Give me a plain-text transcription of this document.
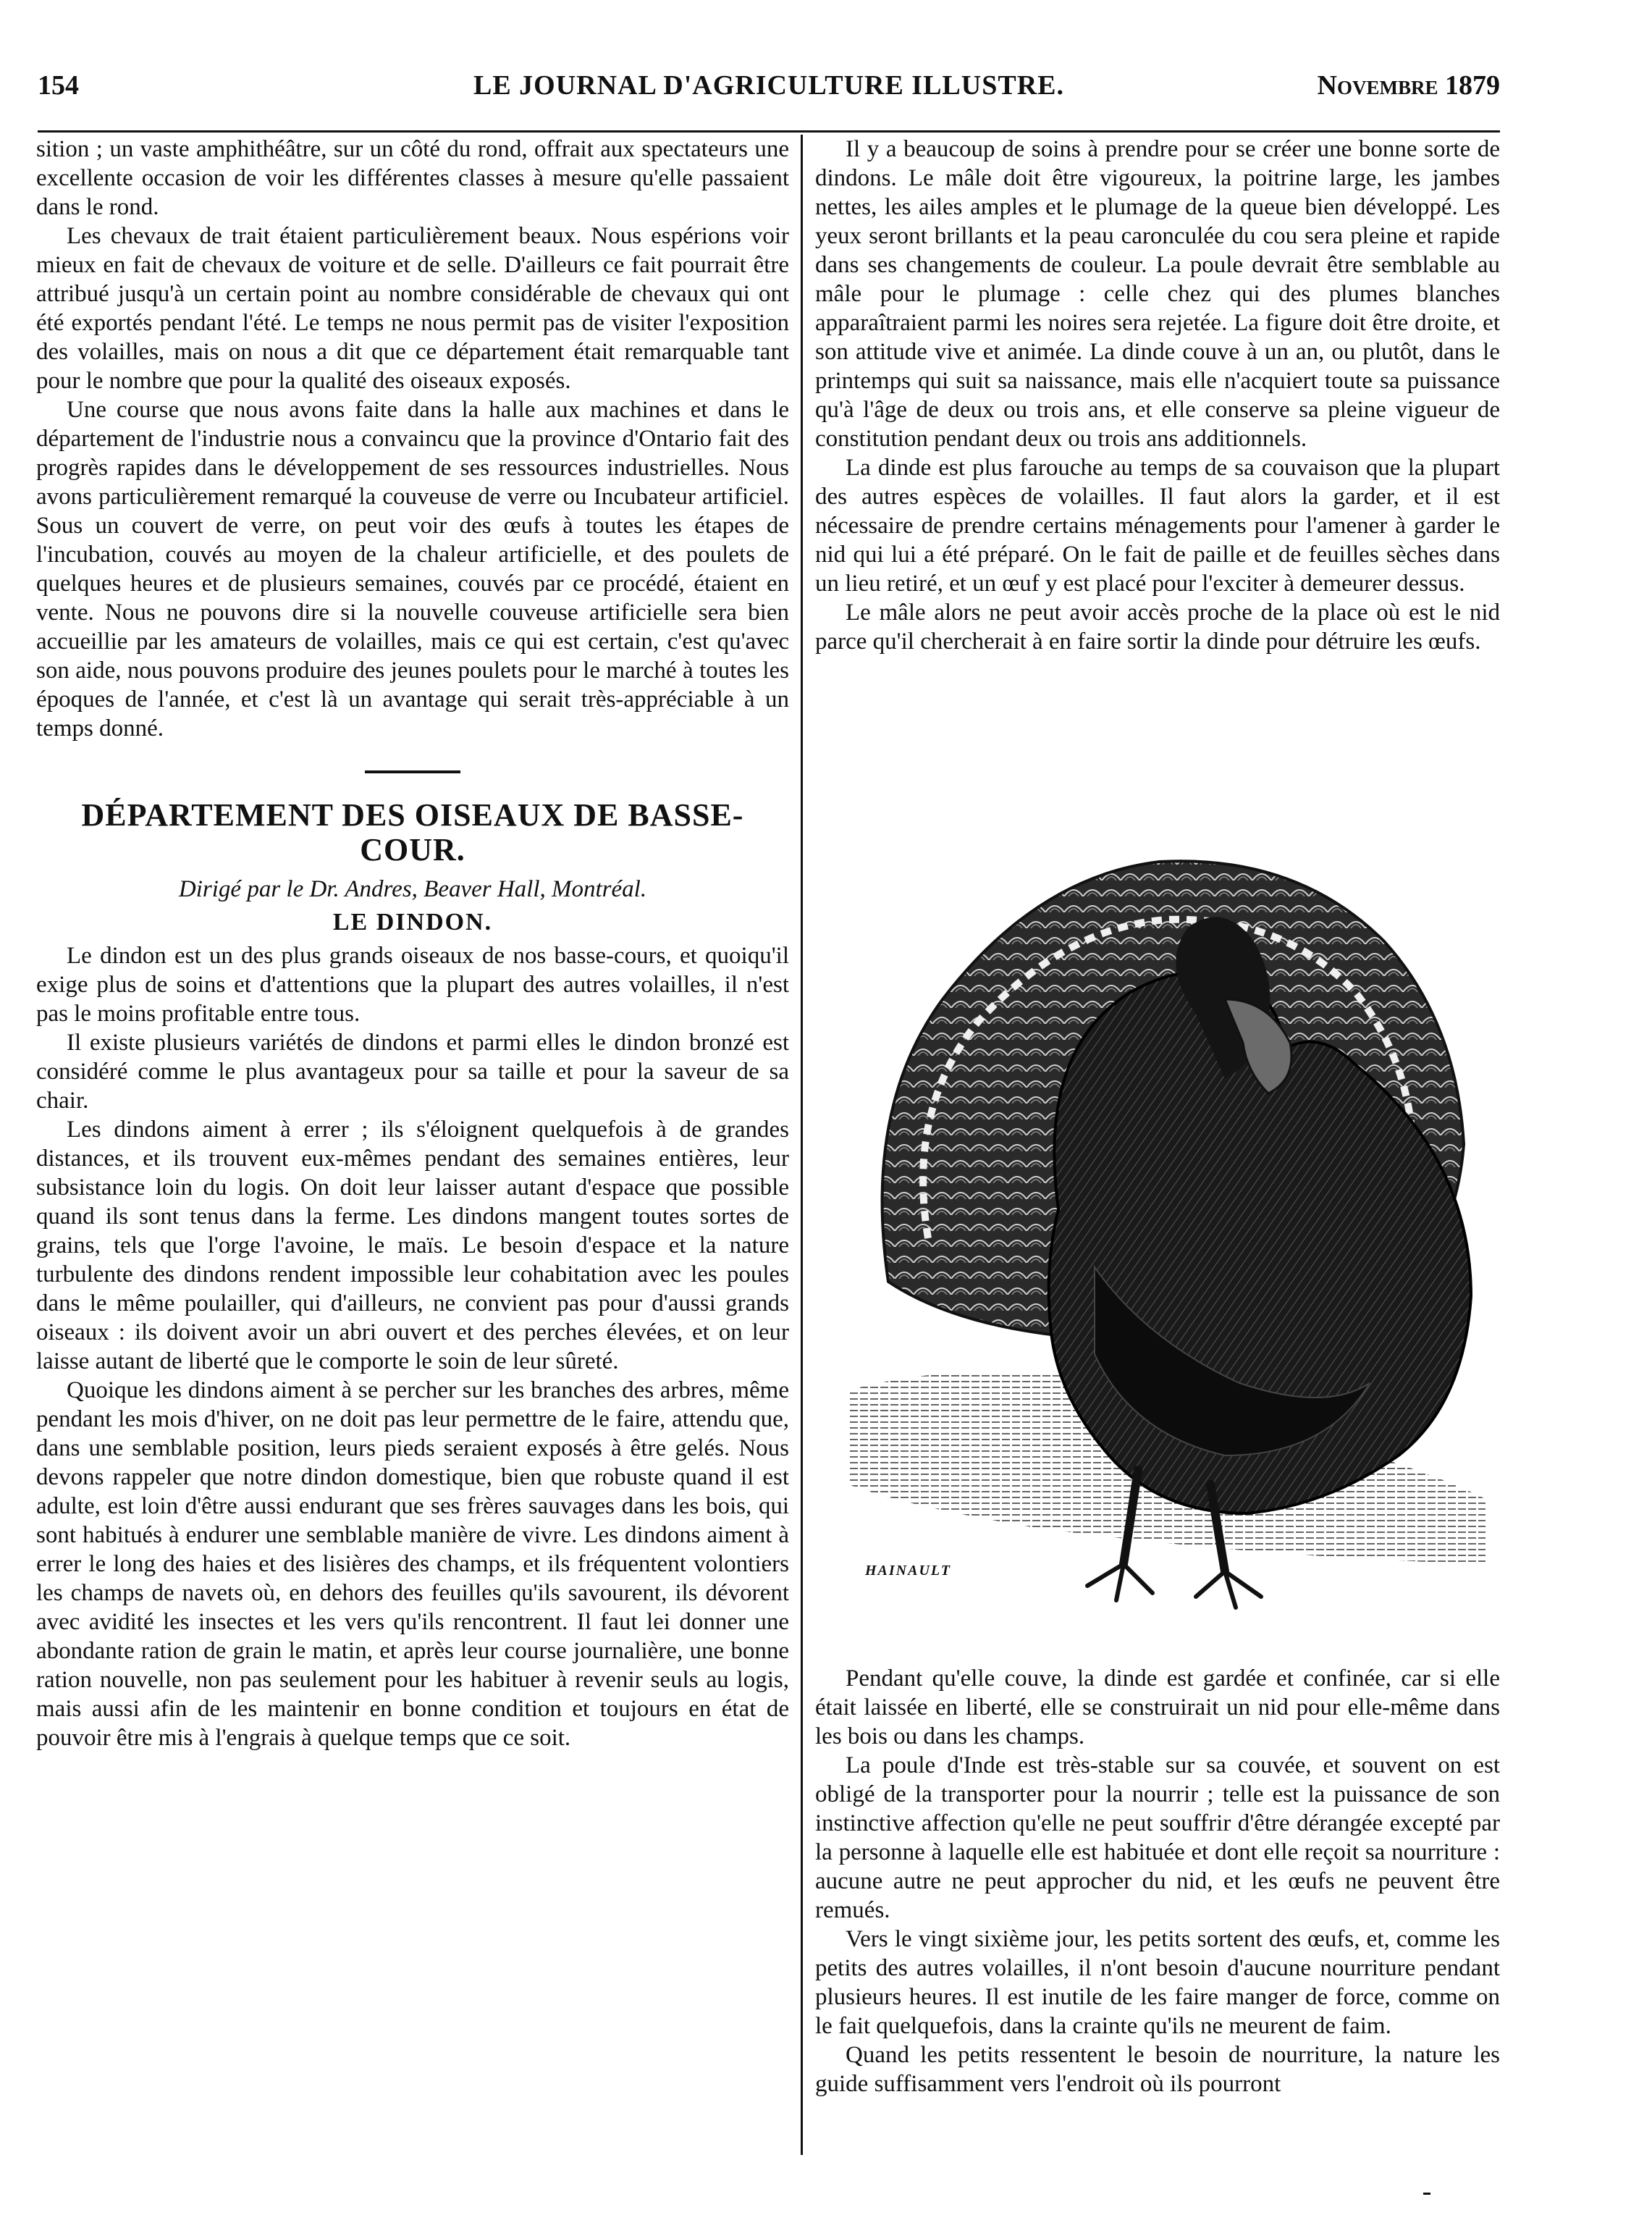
154	LE JOURNAL D'AGRICULTURE ILLUSTRE.	Novembre 1879

sition ; un vaste amphithéâtre, sur un côté du rond, offrait aux spectateurs une excellente occasion de voir les différentes classes à mesure qu'elle passaient dans le rond.

Les chevaux de trait étaient particulièrement beaux. Nous espérions voir mieux en fait de chevaux de voiture et de selle. D'ailleurs ce fait pourrait être attribué jusqu'à un certain point au nombre considérable de chevaux qui ont été exportés pendant l'été. Le temps ne nous permit pas de visiter l'exposition des volailles, mais on nous a dit que ce département était remarquable tant pour le nombre que pour la qualité des oiseaux exposés.

Une course que nous avons faite dans la halle aux machines et dans le département de l'industrie nous a convaincu que la province d'Ontario fait des progrès rapides dans le développement de ses ressources industrielles. Nous avons particulièrement remarqué la couveuse de verre ou Incubateur artificiel. Sous un couvert de verre, on peut voir des œufs à toutes les étapes de l'incubation, couvés au moyen de la chaleur artificielle, et des poulets de quelques heures et de plusieurs semaines, couvés par ce procédé, étaient en vente. Nous ne pouvons dire si la nouvelle couveuse artificielle sera bien accueillie par les amateurs de volailles, mais ce qui est certain, c'est qu'avec son aide, nous pouvons produire des jeunes poulets pour le marché à toutes les époques de l'année, et c'est là un avantage qui serait très-appréciable à un temps donné.

DÉPARTEMENT DES OISEAUX DE BASSE-
COUR.
Dirigé par le Dr. Andres, Beaver Hall, Montréal.
LE DINDON.

Le dindon est un des plus grands oiseaux de nos basse-cours, et quoiqu'il exige plus de soins et d'attentions que la plupart des autres volailles, il n'est pas le moins profitable entre tous.

Il existe plusieurs variétés de dindons et parmi elles le dindon bronzé est considéré comme le plus avantageux pour sa taille et pour la saveur de sa chair.

Les dindons aiment à errer ; ils s'éloignent quelquefois à de grandes distances, et ils trouvent eux-mêmes pendant des semaines entières, leur subsistance loin du logis. On doit leur laisser autant d'espace que possible quand ils sont tenus dans la ferme. Les dindons mangent toutes sortes de grains, tels que l'orge l'avoine, le maïs. Le besoin d'espace et la nature turbulente des dindons rendent impossible leur cohabitation avec les poules dans le même poulailler, qui d'ailleurs, ne convient pas pour d'aussi grands oiseaux : ils doivent avoir un abri ouvert et des perches élevées, et on leur laisse autant de liberté que le comporte le soin de leur sûreté.

Quoique les dindons aiment à se percher sur les branches des arbres, même pendant les mois d'hiver, on ne doit pas leur permettre de le faire, attendu que, dans une semblable position, leurs pieds seraient exposés à être gelés. Nous devons rappeler que notre dindon domestique, bien que robuste quand il est adulte, est loin d'être aussi endurant que ses frères sauvages dans les bois, qui sont habitués à endurer une semblable manière de vivre. Les dindons aiment à errer le long des haies et des lisières des champs, et ils fréquentent volontiers les champs de navets où, en dehors des feuilles qu'ils savourent, ils dévorent avec avidité les insectes et les vers qu'ils rencontrent. Il faut lei donner une abondante ration de grain le matin, et après leur course journalière, une bonne ration nouvelle, non pas seulement pour les habituer à revenir seuls au logis, mais aussi afin de les maintenir en bonne condition et toujours en état de pouvoir être mis à l'engrais à quelque temps que ce soit.

Il y a beaucoup de soins à prendre pour se créer une bonne sorte de dindons. Le mâle doit être vigoureux, la poitrine large, les jambes nettes, les ailes amples et le plumage de la queue bien développé. Les yeux seront brillants et la peau caronculée du cou sera pleine et rapide dans ses changements de couleur. La poule devrait être semblable au mâle pour le plumage : celle chez qui des plumes blanches apparaîtraient parmi les noires sera rejetée. La figure doit être droite, et son attitude vive et animée. La dinde couve à un an, ou plutôt, dans le printemps qui suit sa naissance, mais elle n'acquiert toute sa puissance qu'à l'âge de deux ou trois ans, et elle conserve sa pleine vigueur de constitution pendant deux ou trois ans additionnels.

La dinde est plus farouche au temps de sa couvaison que la plupart des autres espèces de volailles. Il faut alors la garder, et il est nécessaire de prendre certains ménagements pour l'amener à garder le nid qui lui a été préparé. On le fait de paille et de feuilles sèches dans un lieu retiré, et un œuf y est placé pour l'exciter à demeurer dessus.

Le mâle alors ne peut avoir accès proche de la place où est le nid parce qu'il chercherait à en faire sortir la dinde pour détruire les œufs.

HAINAULT

Pendant qu'elle couve, la dinde est gardée et confinée, car si elle était laissée en liberté, elle se construirait un nid pour elle-même dans les bois ou dans les champs.

La poule d'Inde est très-stable sur sa couvée, et souvent on est obligé de la transporter pour la nourrir ; telle est la puissance de son instinctive affection qu'elle ne peut souffrir d'être dérangée excepté par la personne à laquelle elle est habituée et dont elle reçoit sa nourriture : aucune autre ne peut approcher du nid, et les œufs ne peuvent être remués.

Vers le vingt sixième jour, les petits sortent des œufs, et, comme les petits des autres volailles, il n'ont besoin d'aucune nourriture pendant plusieurs heures. Il est inutile de les faire manger de force, comme on le fait quelquefois, dans la crainte qu'ils ne meurent de faim.

Quand les petits ressentent le besoin de nourriture, la nature les guide suffisamment vers l'endroit où ils pourront
